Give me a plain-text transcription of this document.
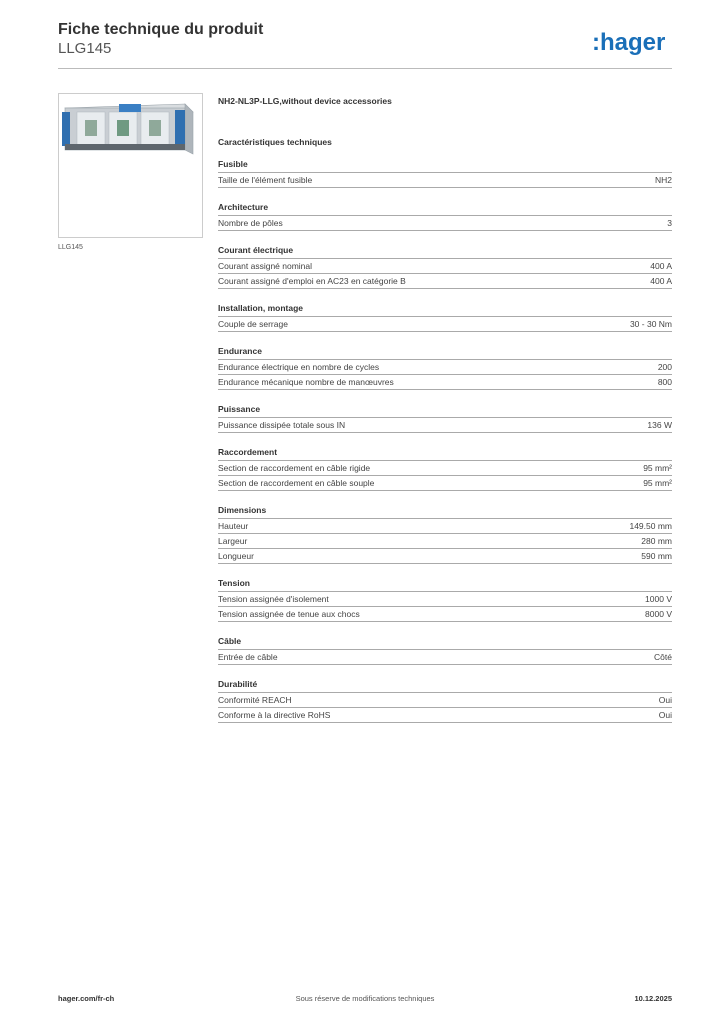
Fiche technique du produit
LLG145	:hager
LLG145
NH2-NL3P-LLG,without device accessories
Caractéristiques techniques
Fusible
Taille de l'élément fusible	NH2
Architecture
Nombre de pôles	3
Courant électrique
Courant assigné nominal	400 A
Courant assigné d'emploi en AC23 en catégorie B	400 A
Installation, montage
Couple de serrage	30 - 30 Nm
Endurance
Endurance électrique en nombre de cycles	200
Endurance mécanique nombre de manœuvres	800
Puissance
Puissance dissipée totale sous IN	136 W
Raccordement
Section de raccordement en câble rigide	95 mm²
Section de raccordement en câble souple	95 mm²
Dimensions
Hauteur	149.50 mm
Largeur	280 mm
Longueur	590 mm
Tension
Tension assignée d'isolement	1000 V
Tension assignée de tenue aux chocs	8000 V
Câble
Entrée de câble	Côté
Durabilité
Conformité REACH	Oui
Conforme à la directive RoHS	Oui
hager.com/fr-ch	Sous réserve de modifications techniques	10.12.2025
